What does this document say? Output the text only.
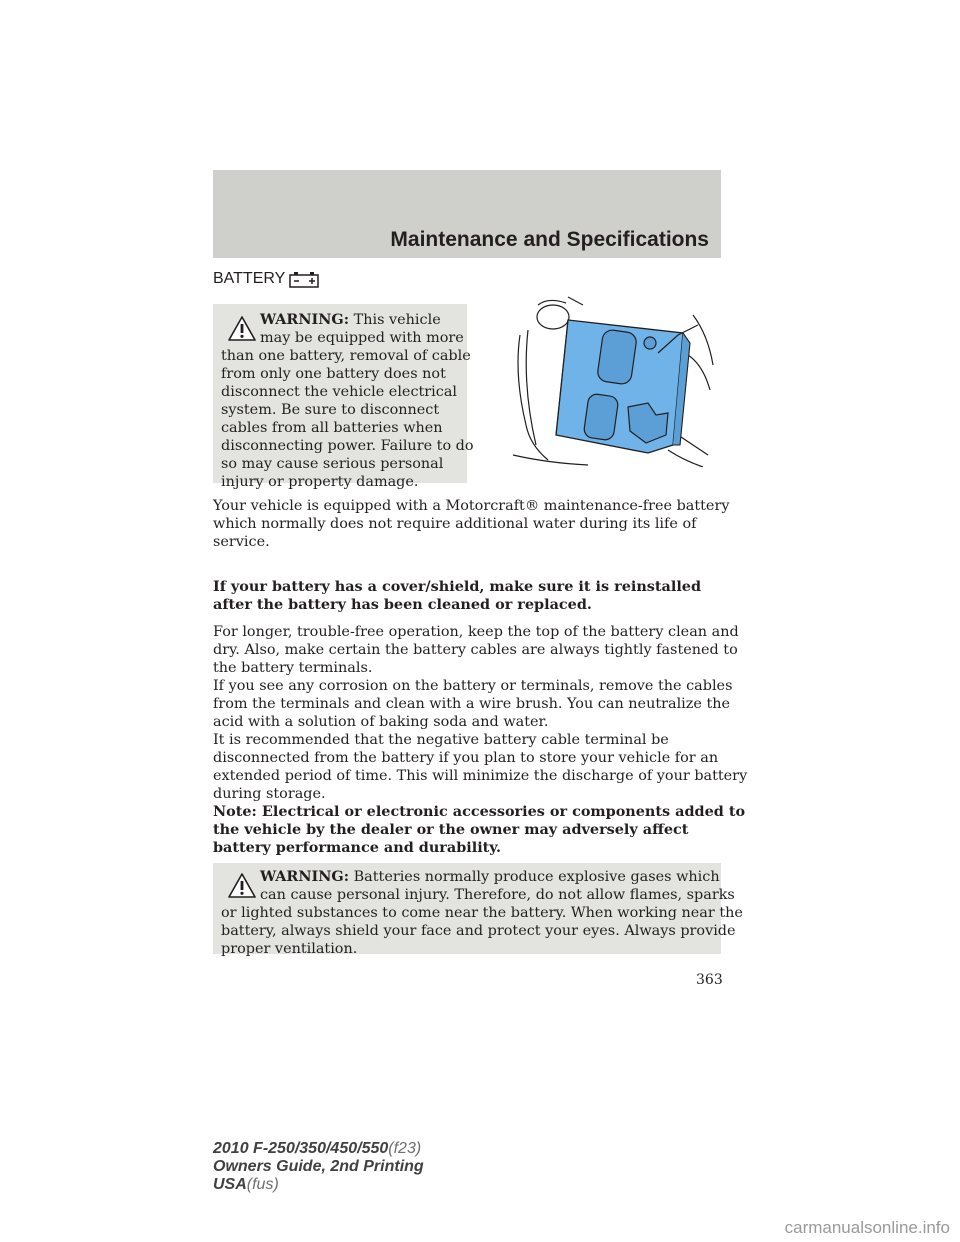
Maintenance and Specifications
BATTERY
WARNING: This vehicle
may be equipped with more
than one battery, removal of cable
from only one battery does not
disconnect the vehicle electrical
system. Be sure to disconnect
cables from all batteries when
disconnecting power. Failure to do
so may cause serious personal
injury or property damage.
Your vehicle is equipped with a Motorcraft® maintenance-free battery
which normally does not require additional water during its life of
service.
If your battery has a cover/shield, make sure it is reinstalled
after the battery has been cleaned or replaced.
For longer, trouble-free operation, keep the top of the battery clean and
dry. Also, make certain the battery cables are always tightly fastened to
the battery terminals.
If you see any corrosion on the battery or terminals, remove the cables
from the terminals and clean with a wire brush. You can neutralize the
acid with a solution of baking soda and water.
It is recommended that the negative battery cable terminal be
disconnected from the battery if you plan to store your vehicle for an
extended period of time. This will minimize the discharge of your battery
during storage.
Note: Electrical or electronic accessories or components added to
the vehicle by the dealer or the owner may adversely affect
battery performance and durability.
WARNING: Batteries normally produce explosive gases which
can cause personal injury. Therefore, do not allow flames, sparks
or lighted substances to come near the battery. When working near the
battery, always shield your face and protect your eyes. Always provide
proper ventilation.
363
2010 F-250/350/450/550(f23)
Owners Guide, 2nd Printing
USA(fus)
carmanualsonline.info
